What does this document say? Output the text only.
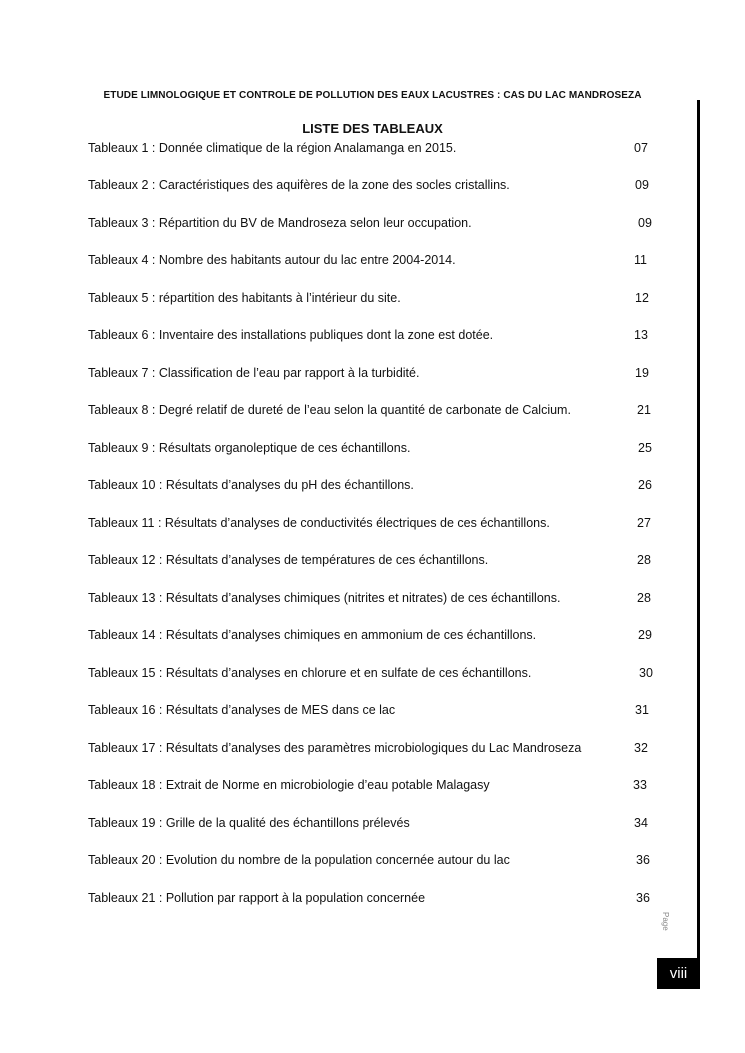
ETUDE LIMNOLOGIQUE ET CONTROLE DE POLLUTION DES EAUX LACUSTRES : CAS DU LAC MANDROSEZA
LISTE DES TABLEAUX
Tableaux 1 : Donnée climatique de la région Analamanga en 2015.	07
Tableaux 2 : Caractéristiques des aquifères de la zone des socles cristallins.	09
Tableaux 3 : Répartition du BV de Mandroseza selon leur occupation.	09
Tableaux 4 : Nombre des habitants autour du lac entre 2004-2014.	11
Tableaux 5 : répartition des habitants à l’intérieur du site.	12
Tableaux 6 : Inventaire des installations publiques dont la zone est dotée.	13
Tableaux 7 : Classification de l’eau par rapport à la turbidité.	19
Tableaux 8 : Degré relatif de dureté de l’eau selon la quantité de carbonate de Calcium.	21
Tableaux 9 : Résultats organoleptique de ces échantillons.	25
Tableaux 10 : Résultats d’analyses du pH des échantillons.	26
Tableaux 11 : Résultats d’analyses de conductivités électriques de ces échantillons.	27
Tableaux 12 : Résultats d’analyses de températures de ces échantillons.	28
Tableaux 13 : Résultats d’analyses chimiques (nitrites et nitrates) de ces échantillons.	28
Tableaux 14 : Résultats d’analyses chimiques en ammonium de ces échantillons.	29
Tableaux 15 : Résultats d’analyses en chlorure et en sulfate de ces échantillons.	30
Tableaux 16 : Résultats d’analyses de MES dans ce lac	31
Tableaux 17 : Résultats d’analyses des paramètres microbiologiques du Lac Mandroseza	32
Tableaux 18 : Extrait de Norme en microbiologie d’eau potable Malagasy	33
Tableaux 19 : Grille de la qualité des échantillons prélevés	34
Tableaux 20 : Evolution du nombre de la population concernée autour du lac	36
Tableaux 21 : Pollution par rapport à la population concernée	36
Page
viii
